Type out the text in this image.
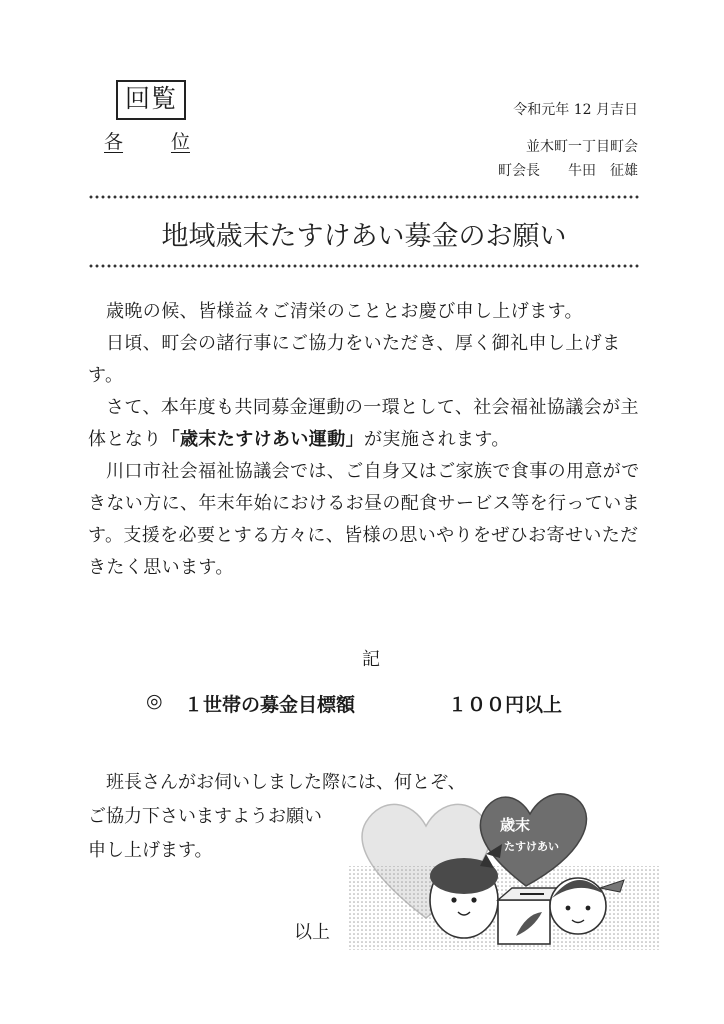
回覧
各	位
令和元年 12 月吉日
並木町一丁目町会
町会長 牛田　征雄
地域歳末たすけあい募金のお願い

歳晩の候、皆様益々ご清栄のこととお慶び申し上げます。

日頃、町会の諸行事にご協力をいただき、厚く御礼申し上げます。

さて、本年度も共同募金運動の一環として、社会福祉協議会が主体となり「歳末たすけあい運動」が実施されます。

川口市社会福祉協議会では、ご自身又はご家族で食事の用意ができない方に、年末年始におけるお昼の配食サービス等を行っています。支援を必要とする方々に、皆様の思いやりをぜひお寄せいただきたく思います。

記
◎ １世帯の募金目標額	１００円以上
班長さんがお伺いしました際には、何とぞ、
ご協力下さいますようお願い
申し上げます。
以上
歳末
たすけあい
